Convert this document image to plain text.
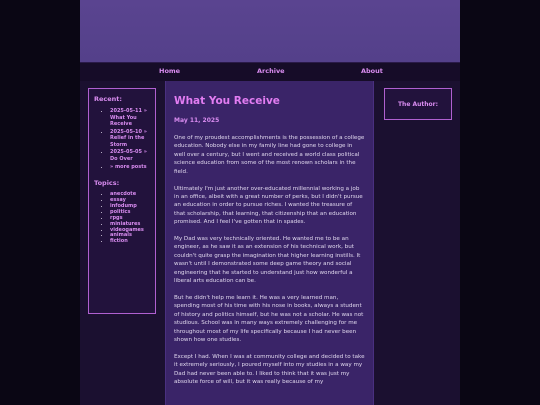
Home	Archive	About
Recent:
• 2025-05-11 » What You Receive
• 2025-05-10 » Relief in the Storm
• 2025-05-05 » Do Over
• » more posts
Topics:
• anecdote
• essay
• infodump
• politics
• rpgs
• miniatures
• videogames
• animals
• fiction
What You Receive
May 11, 2025

One of my proudest accomplishments is the possession of a college education. Nobody else in my family line had gone to college in well over a century, but I went and received a world class political science education from some of the most renown scholars in the field.

Ultimately I'm just another over-educated millennial working a job in an office, albeit with a great number of perks, but I didn't pursue an education in order to pursue riches. I wanted the treasure of that scholarship, that learning, that citizenship that an education promised. And I feel I've gotten that in spades.

My Dad was very technically oriented. He wanted me to be an engineer, as he saw it as an extension of his technical work, but couldn't quite grasp the imagination that higher learning instills. It wasn't until I demonstrated some deep game theory and social engineering that he started to understand just how wonderful a liberal arts education can be.

But he didn't help me learn it. He was a very learned man, spending most of his time with his nose in books, always a student of history and politics himself, but he was not a scholar. He was not studious. School was in many ways extremely challenging for me throughout most of my life specifically because I had never been shown how one studies.

Except I had. When I was at community college and decided to take it extremely seriously, I poured myself into my studies in a way my Dad had never been able to. I liked to think that it was just my absolute force of will, but it was really because of my

The Author:
